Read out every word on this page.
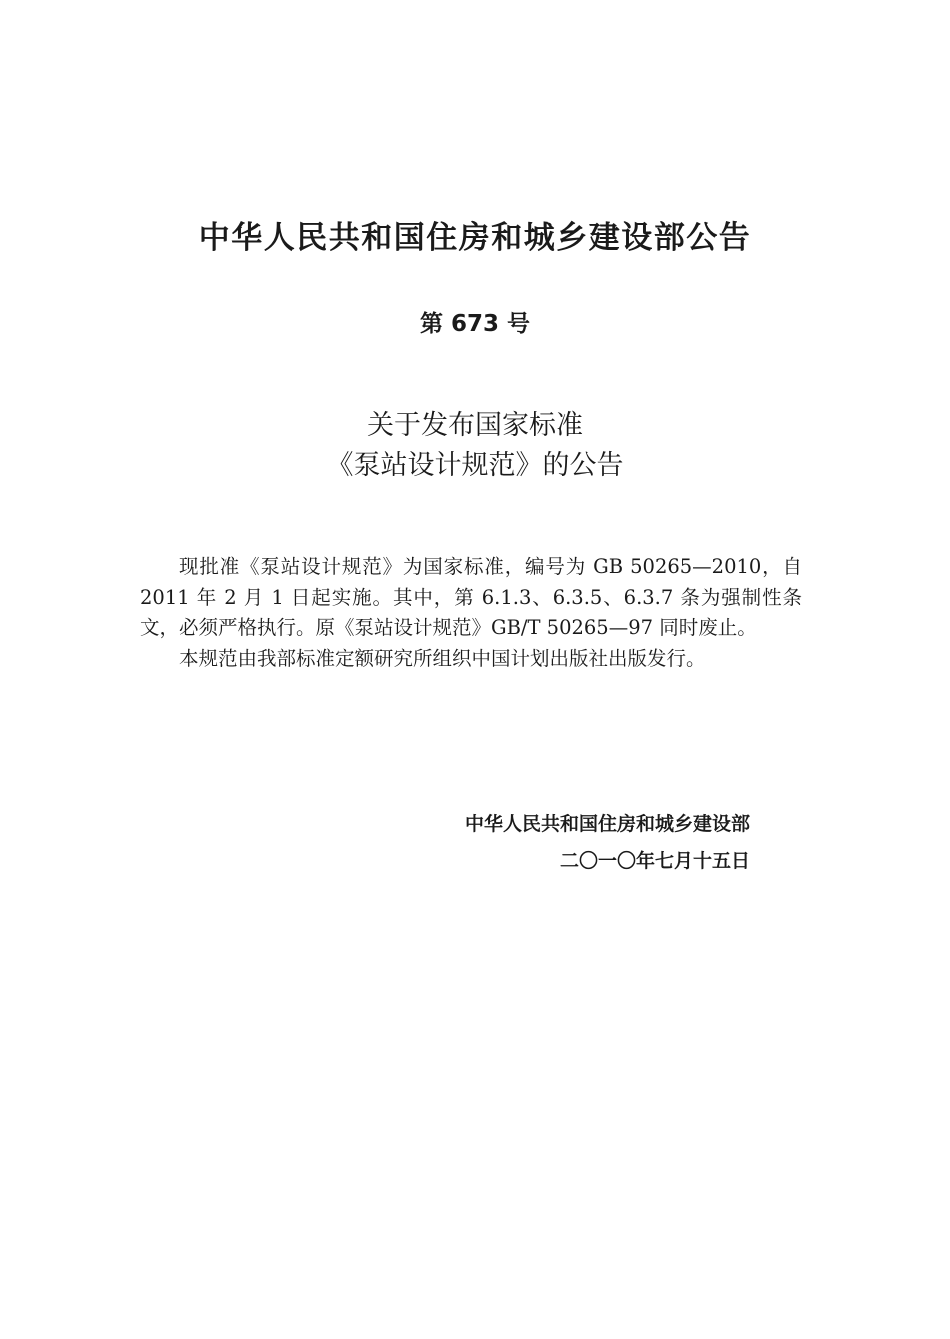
中华人民共和国住房和城乡建设部公告
第 673 号
关于发布国家标准
《泵站设计规范》的公告

现批准《泵站设计规范》为国家标准，编号为 GB 50265—2010，自 2011 年 2 月 1 日起实施。其中，第 6.1.3、6.3.5、6.3.7 条为强制性条文，必须严格执行。原《泵站设计规范》GB/T 50265—97 同时废止。

本规范由我部标准定额研究所组织中国计划出版社出版发行。

中华人民共和国住房和城乡建设部
二〇一〇年七月十五日
